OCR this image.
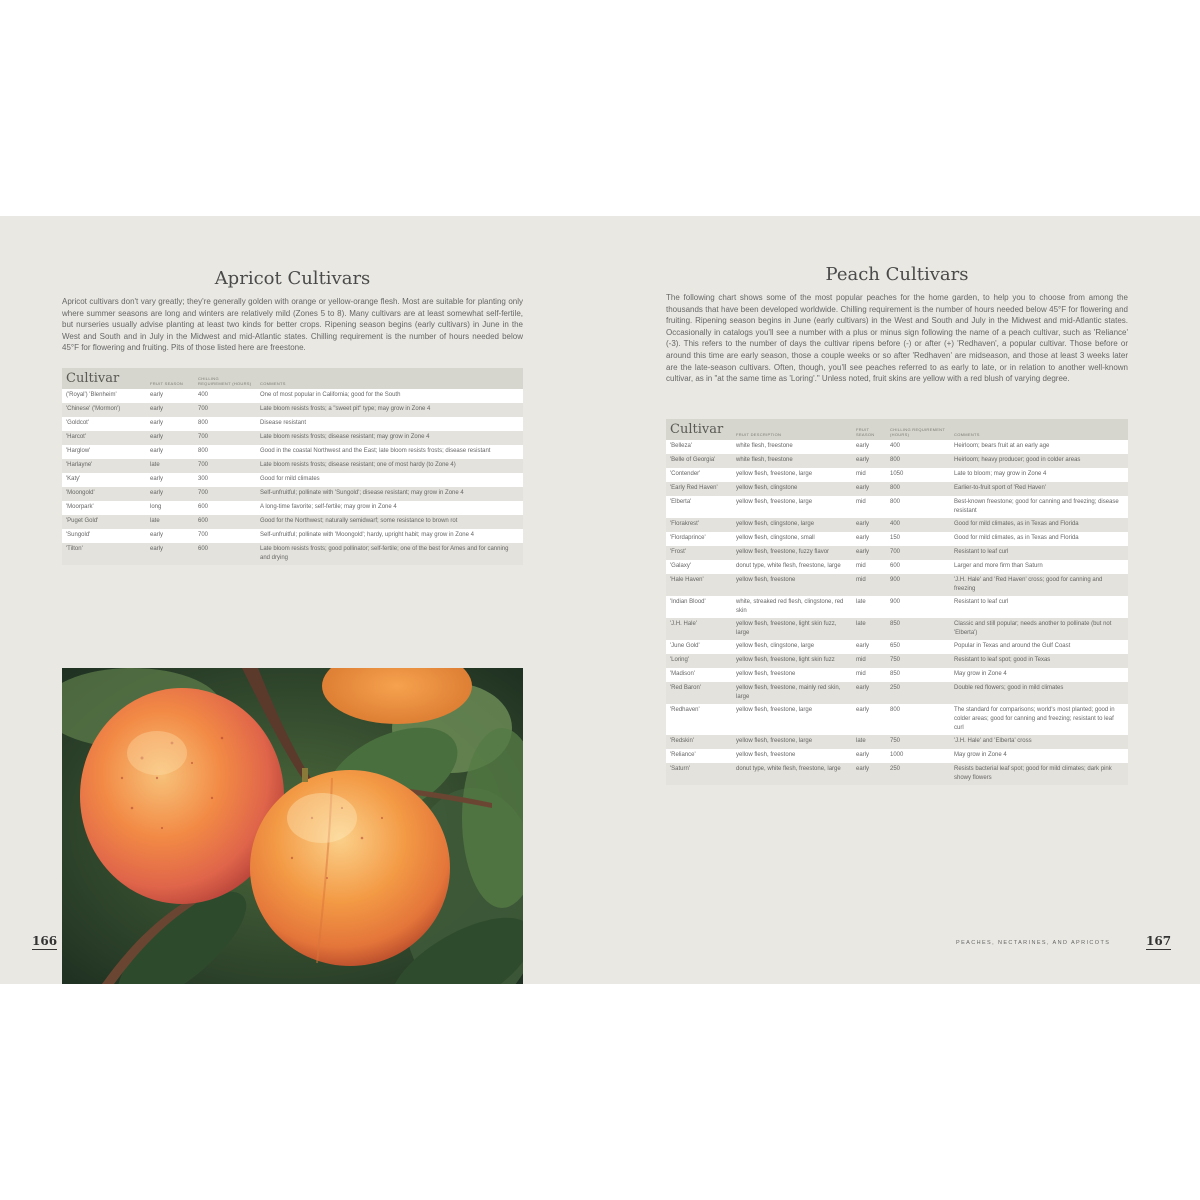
Apricot Cultivars
Apricot cultivars don't vary greatly; they're generally golden with orange or yellow-orange flesh. Most are suitable for planting only where summer seasons are long and winters are relatively mild (Zones 5 to 8). Many cultivars are at least somewhat self-fertile, but nurseries usually advise planting at least two kinds for better crops. Ripening season begins (early cultivars) in June in the West and South and in July in the Midwest and mid-Atlantic states. Chilling requirement is the number of hours needed below 45°F for flowering and fruiting. Pits of those listed here are freestone.
Cultivar	FRUIT SEASON	CHILLING REQUIREMENT (HOURS)	COMMENTS
('Royal') 'Blenheim'	early	400	One of most popular in California; good for the South
'Chinese' ('Mormon')	early	700	Late bloom resists frosts; a "sweet pit" type; may grow in Zone 4
'Goldcot'	early	800	Disease resistant
'Harcot'	early	700	Late bloom resists frosts; disease resistant; may grow in Zone 4
'Harglow'	early	800	Good in the coastal Northwest and the East; late bloom resists frosts; disease resistant
'Harlayne'	late	700	Late bloom resists frosts; disease resistant; one of most hardy (to Zone 4)
'Katy'	early	300	Good for mild climates
'Moongold'	early	700	Self-unfruitful; pollinate with 'Sungold'; disease resistant; may grow in Zone 4
'Moorpark'	long	600	A long-time favorite; self-fertile; may grow in Zone 4
'Puget Gold'	late	600	Good for the Northwest; naturally semidwarf; some resistance to brown rot
'Sungold'	early	700	Self-unfruitful; pollinate with 'Moongold'; hardy, upright habit; may grow in Zone 4
'Tilton'	early	600	Late bloom resists frosts; good pollinator; self-fertile; one of the best for Ames and for canning and drying
166
Peach Cultivars
The following chart shows some of the most popular peaches for the home garden, to help you to choose from among the thousands that have been developed worldwide. Chilling requirement is the number of hours needed below 45°F for flowering and fruiting. Ripening season begins in June (early cultivars) in the West and South and July in the Midwest and mid-Atlantic states. Occasionally in catalogs you'll see a number with a plus or minus sign following the name of a peach cultivar, such as 'Reliance' (-3). This refers to the number of days the cultivar ripens before (-) or after (+) 'Redhaven', a popular cultivar. Those before or around this time are early season, those a couple weeks or so after 'Redhaven' are midseason, and those at least 3 weeks later are the late-season cultivars. Often, though, you'll see peaches referred to as early to late, or in relation to another well-known cultivar, as in "at the same time as 'Loring'." Unless noted, fruit skins are yellow with a red blush of varying degree.
Cultivar	FRUIT DESCRIPTION	FRUIT SEASON	CHILLING REQUIREMENT (HOURS)	COMMENTS
'Belleza'	white flesh, freestone	early	400	Heirloom; bears fruit at an early age
'Belle of Georgia'	white flesh, freestone	early	800	Heirloom; heavy producer; good in colder areas
'Contender'	yellow flesh, freestone, large	mid	1050	Late to bloom; may grow in Zone 4
'Early Red Haven'	yellow flesh, clingstone	early	800	Earlier-to-fruit sport of 'Red Haven'
'Elberta'	yellow flesh, freestone, large	mid	800	Best-known freestone; good for canning and freezing; disease resistant
'Florakrest'	yellow flesh, clingstone, large	early	400	Good for mild climates, as in Texas and Florida
'Flordaprince'	yellow flesh, clingstone, small	early	150	Good for mild climates, as in Texas and Florida
'Frost'	yellow flesh, freestone, fuzzy flavor	early	700	Resistant to leaf curl
'Galaxy'	donut type, white flesh, freestone, large	mid	600	Larger and more firm than Saturn
'Hale Haven'	yellow flesh, freestone	mid	900	'J.H. Hale' and 'Red Haven' cross; good for canning and freezing
'Indian Blood'	white, streaked red flesh, clingstone, red skin	late	900	Resistant to leaf curl
'J.H. Hale'	yellow flesh, freestone, light skin fuzz, large	late	850	Classic and still popular; needs another to pollinate (but not 'Elberta')
'June Gold'	yellow flesh, clingstone, large	early	650	Popular in Texas and around the Gulf Coast
'Loring'	yellow flesh, freestone, light skin fuzz	mid	750	Resistant to leaf spot; good in Texas
'Madison'	yellow flesh, freestone	mid	850	May grow in Zone 4
'Red Baron'	yellow flesh, freestone, mainly red skin, large	early	250	Double red flowers; good in mild climates
'Redhaven'	yellow flesh, freestone, large	early	800	The standard for comparisons; world's most planted; good in colder areas; good for canning and freezing; resistant to leaf curl
'Redskin'	yellow flesh, freestone, large	late	750	'J.H. Hale' and 'Elberta' cross
'Reliance'	yellow flesh, freestone	early	1000	May grow in Zone 4
'Saturn'	donut type, white flesh, freestone, large	early	250	Resists bacterial leaf spot; good for mild climates; dark pink showy flowers
PEACHES, NECTARINES, AND APRICOTS	167
